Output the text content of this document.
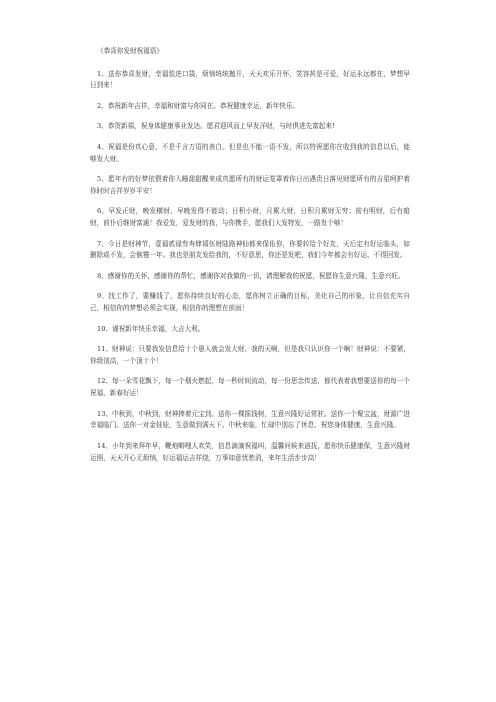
《恭喜你发财祝福语》

1、送你恭喜发财，幸福装进口袋，烦恼统统抛开，天天欢乐开怀，笑容甚是可爱，好运永远都在，梦想早日到来！

2、恭祝新年吉祥，幸福和财富与你同在。恭祝健康幸运，新年快乐。

3、恭贺新禧，祝身体健康事业发达。愿君迎风而上早发洋财，与时俱进先富起来!

4、祝福是份真心意，不是千言万语的表白。但是也不能一语不发，所以特祝愿你在收到我的信息以后，能够发大财。

5、愿年有的好梦依偎着你入睡甜甜醒来成真愿所有的财运笼罩着你日出遇贵日落见财愿所有的吉星呵护着你时时吉祥岁岁平安！

6、早发正财，晚发横财，早晚发得不能动；日积小财，月累大财，日积月累财无穷；前有明财，后有暗财，前仆后继财富通！我爱发，爱发财的我，与你携手，愿我们大发特发，一路发个够！

7、今日是财神节，壹福贰禄叁寿肆禧伍财陆路神仙都来保佑你，你要转给个好友，天后定有好运临头，如删除或不发，会倒霉一年。我也是朋友发给我的，不好意思，你还是发吧，我们今年都会有好运、不得回发。

8、感谢你的关怀，感谢你的帮忙，感谢你对我做的一切，请理解我的祝愿，祝愿你生意兴隆，生意兴旺。

9、找工作了，要赚钱了，愿你持续良好的心态，愿你树立正确的目标，美化自己的形象，让自信充实自己，相信你的梦想必须会实现，相信你的理想在前面！

10、谨祝新年快乐幸福，大吉大利。

11、财神说：只要我发信息给十个愚人就会发大财。我的天啊，但是我只认识你一个啊！财神说：不要紧，你级别高，一个顶十个！

12、每一朵雪花飘下，每一个烟火燃起，每一秒时间流动，每一份思念传送，都代表着我想要送你的每一个祝福，新春好运！

13、中秋到，中秋到，财神捧着元宝到。送你一棵摇钱树，生意兴隆好运常驻。送你一个聚宝盆，财源广进幸福临门。送你一对金娃娃，生意做到满天下。中秋来临，忙碌中别忘了休息，祝您身体健康，生意兴隆。

14、小年到来拜年早，鞭炮噼哩人欢笑，信息滴滴祝福叫，温馨问候来逍抚，愿你快乐健康保，生意兴隆财运照，天天开心无烦恼，好运福运吉祥绕，万事如意忧愁消，来年生活步步高！
